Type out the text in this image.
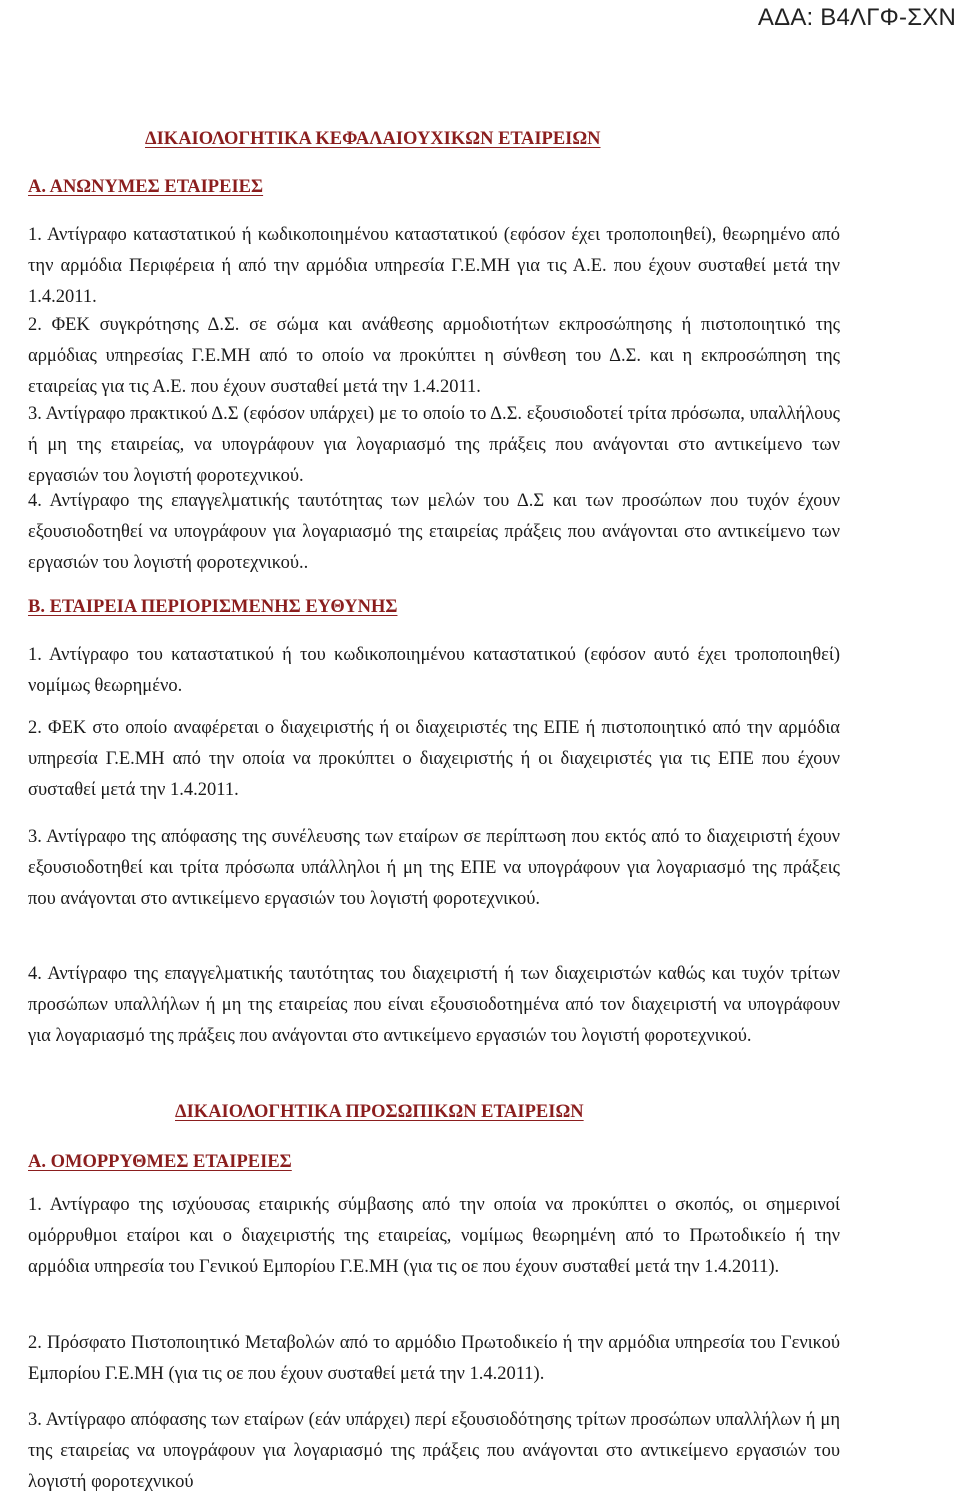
ΑΔΑ: Β4ΛΓΦ-ΣΧΝ
ΔΙΚΑΙΟΛΟΓΗΤΙΚΑ ΚΕΦΑΛΑΙΟΥΧΙΚΩΝ ΕΤΑΙΡΕΙΩΝ
Α. ΑΝΩΝΥΜΕΣ ΕΤΑΙΡΕΙΕΣ

1. Αντίγραφο καταστατικού ή κωδικοποιημένου καταστατικού (εφόσον έχει τροποποιηθεί), θεωρημένο από την αρμόδια Περιφέρεια ή από την αρμόδια υπηρεσία Γ.Ε.ΜΗ για τις Α.Ε. που έχουν συσταθεί μετά την 1.4.2011.

2. ΦΕΚ συγκρότησης Δ.Σ. σε σώμα και ανάθεσης αρμοδιοτήτων εκπροσώπησης ή πιστοποιητικό της αρμόδιας υπηρεσίας Γ.Ε.ΜΗ από το οποίο να προκύπτει η σύνθεση του Δ.Σ. και η εκπροσώπηση της εταιρείας για τις Α.Ε. που έχουν συσταθεί μετά την 1.4.2011.

3. Αντίγραφο πρακτικού Δ.Σ (εφόσον υπάρχει) με το οποίο το Δ.Σ. εξουσιοδοτεί τρίτα πρόσωπα, υπαλλήλους ή μη της εταιρείας, να υπογράφουν για λογαριασμό της πράξεις που ανάγονται στο αντικείμενο των εργασιών του λογιστή φοροτεχνικού.

4. Αντίγραφο της επαγγελματικής ταυτότητας των μελών του Δ.Σ και των προσώπων που τυχόν έχουν εξουσιοδοτηθεί να υπογράφουν για λογαριασμό της εταιρείας πράξεις που ανάγονται στο αντικείμενο των εργασιών του λογιστή φοροτεχνικού..

Β. ΕΤΑΙΡΕΙΑ ΠΕΡΙΟΡΙΣΜΕΝΗΣ ΕΥΘΥΝΗΣ

1. Αντίγραφο του καταστατικού ή του κωδικοποιημένου καταστατικού (εφόσον αυτό έχει τροποποιηθεί) νομίμως θεωρημένο.

2. ΦΕΚ στο οποίο αναφέρεται ο διαχειριστής ή οι διαχειριστές της ΕΠΕ ή πιστοποιητικό από την αρμόδια υπηρεσία Γ.Ε.ΜΗ από την οποία να προκύπτει ο διαχειριστής ή οι διαχειριστές για τις ΕΠΕ που έχουν συσταθεί μετά την 1.4.2011.

3. Αντίγραφο της απόφασης της συνέλευσης των εταίρων σε περίπτωση που εκτός από το διαχειριστή έχουν εξουσιοδοτηθεί και τρίτα πρόσωπα υπάλληλοι ή μη της ΕΠΕ να υπογράφουν για λογαριασμό της πράξεις που ανάγονται στο αντικείμενο εργασιών του λογιστή φοροτεχνικού.

4. Αντίγραφο της επαγγελματικής ταυτότητας του διαχειριστή ή των διαχειριστών καθώς και τυχόν τρίτων προσώπων υπαλλήλων ή μη της εταιρείας που είναι εξουσιοδοτημένα από τον διαχειριστή να υπογράφουν για λογαριασμό της πράξεις που ανάγονται στο αντικείμενο εργασιών του λογιστή φοροτεχνικού.

ΔΙΚΑΙΟΛΟΓΗΤΙΚΑ ΠΡΟΣΩΠΙΚΩΝ ΕΤΑΙΡΕΙΩΝ
Α. ΟΜΟΡΡΥΘΜΕΣ ΕΤΑΙΡΕΙΕΣ

1. Αντίγραφο της ισχύουσας εταιρικής σύμβασης από την οποία να προκύπτει ο σκοπός, οι σημερινοί ομόρρυθμοι εταίροι και ο διαχειριστής της εταιρείας, νομίμως θεωρημένη από το Πρωτοδικείο ή την αρμόδια υπηρεσία του Γενικού Εμπορίου Γ.Ε.ΜΗ (για τις οε που έχουν συσταθεί μετά την 1.4.2011).

2. Πρόσφατο Πιστοποιητικό Μεταβολών από το αρμόδιο Πρωτοδικείο ή την αρμόδια υπηρεσία του Γενικού Εμπορίου Γ.Ε.ΜΗ (για τις οε που έχουν συσταθεί μετά την 1.4.2011).

3. Αντίγραφο απόφασης των εταίρων (εάν υπάρχει) περί εξουσιοδότησης τρίτων προσώπων υπαλλήλων ή μη της εταιρείας να υπογράφουν για λογαριασμό της πράξεις που ανάγονται στο αντικείμενο εργασιών του λογιστή φοροτεχνικού
